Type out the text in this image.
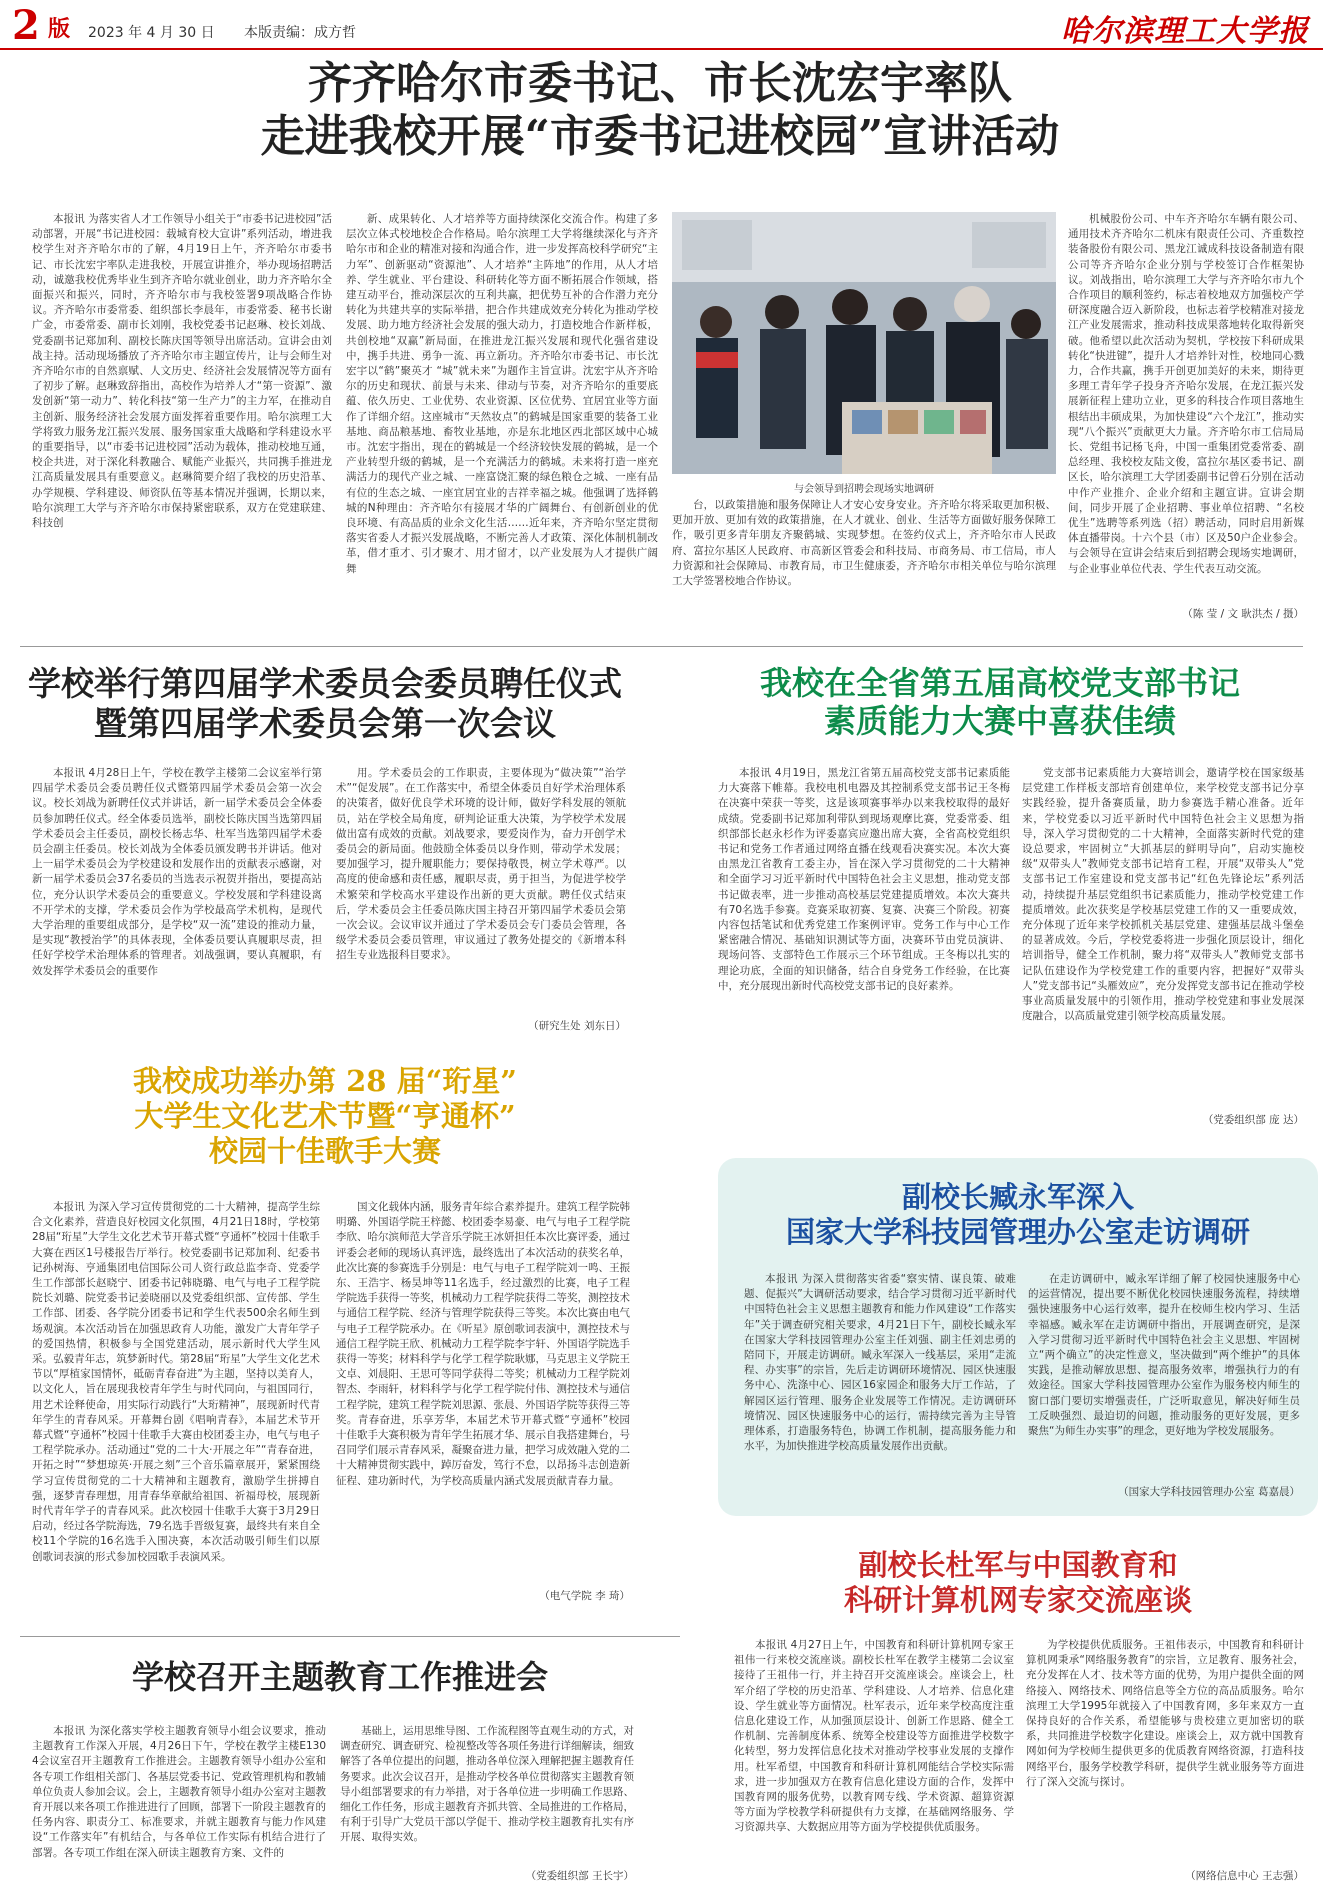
2 版 2023 年 4 月 30 日 本版责编：成方哲	哈尔滨理工大学报
齐齐哈尔市委书记、市长沈宏宇率队
走进我校开展“市委书记进校园”宣讲活动

本报讯 为落实省人才工作领导小组关于“市委书记进校园”活动部署，开展“书记进校园：载城育校大宣讲”系列活动，增进我校学生对齐齐哈尔市的了解，4月19日上午，齐齐哈尔市委书记、市长沈宏宇率队走进我校，开展宣讲推介，举办现场招聘活动，诚邀我校优秀毕业生到齐齐哈尔就业创业，助力齐齐哈尔全面振兴和振兴，同时，齐齐哈尔市与我校签署9项战略合作协议。齐齐哈尔市委常委、组织部长李晨年，市委常委、秘书长谢广金，市委常委、副市长刘刚，我校党委书记赵琳、校长刘战、党委副书记郑加利、副校长陈庆国等领导出席活动。宣讲会由刘战主持。活动现场播放了齐齐哈尔市主题宣传片，让与会师生对齐齐哈尔市的自然禀赋、人文历史、经济社会发展情况等方面有了初步了解。赵琳致辞指出，高校作为培养人才“第一资源”、激发创新“第一动力”、转化科技“第一生产力”的主力军，在推动自主创新、服务经济社会发展方面发挥着重要作用。哈尔滨理工大学将致力服务龙江振兴发展、服务国家重大战略和学科建设水平的重要指导，以“市委书记进校园”活动为载体，推动校地互通，校企共进，对于深化科教融合、赋能产业振兴，共同携手推进龙江高质量发展具有重要意义。赵琳简要介绍了我校的历史沿革、办学规模、学科建设、师资队伍等基本情况并强调，长期以来，哈尔滨理工大学与齐齐哈尔市保持紧密联系，双方在党建联建、科技创

新、成果转化、人才培养等方面持续深化交流合作。构建了多层次立体式校地校企合作格局。哈尔滨理工大学将继续深化与齐齐哈尔市和企业的精准对接和沟通合作，进一步发挥高校科学研究“主力军”、创新驱动“资源池”、人才培养“主阵地”的作用，从人才培养、学生就业、平台建设、科研转化等方面不断拓展合作领域，搭建互动平台，推动深层次的互利共赢，把优势互补的合作潜力充分转化为共建共享的实际举措，把合作共建成效充分转化为推动学校发展、助力地方经济社会发展的强大动力，打造校地合作新样板，共创校地“双赢”新局面，在推进龙江振兴发展和现代化强省建设中，携手共进、勇争一流、再立新功。齐齐哈尔市委书记、市长沈宏宇以“鹤”聚英才 “城”就未来”为题作主旨宣讲。沈宏宇从齐齐哈尔的历史和现状、前景与未来、律动与节奏，对齐齐哈尔的重要底蕴、依久历史、工业优势、农业资源、区位优势、宜居宜业等方面作了详细介绍。这座城市“天然妆点”的鹤城是国家重要的装备工业基地、商品粮基地、畜牧业基地，亦是东北地区西北部区域中心城市。沈宏宇指出，现在的鹤城是一个经济较快发展的鹤城，是一个产业转型升级的鹤城，是一个充满活力的鹤城。未来将打造一座充满活力的现代产业之城、一座富饶汇聚的绿色粮仓之城、一座有品有位的生态之城、一座宜居宜业的吉祥幸福之城。他强调了选择鹤城的N种理由：齐齐哈尔有接展才华的广阔舞台、有创新创业的优良环境、有高品质的业余文化生活……近年来，齐齐哈尔坚定贯彻落实省委人才振兴发展战略，不断完善人才政策、深化体制机制改革，借才重才、引才聚才、用才留才，以产业发展为人才提供广阔舞

与会领导到招聘会现场实地调研

台，以政策措施和服务保障让人才安心安身安业。齐齐哈尔将采取更加积极、更加开放、更加有效的政策措施，在人才就业、创业、生活等方面做好服务保障工作，吸引更多青年朋友齐聚鹤城、实现梦想。在签约仪式上，齐齐哈尔市人民政府、富拉尔基区人民政府、市高新区管委会和科技局、市商务局、市工信局，市人力资源和社会保障局、市教育局，市卫生健康委，齐齐哈尔市相关单位与哈尔滨理工大学签署校地合作协议。

机械股份公司、中车齐齐哈尔车辆有限公司、通用技术齐齐哈尔二机床有限责任公司、齐重数控装备股份有限公司、黑龙江诚成科技设备制造有限公司等齐齐哈尔企业分别与学校签订合作框架协议。刘战指出，哈尔滨理工大学与齐齐哈尔市九个合作项目的顺利签约，标志着校地双方加强校产学研深度融合迈入新阶段，也标志着学校精准对接龙江产业发展需求，推动科技成果落地转化取得新突破。他希望以此次活动为契机，学校按下科研成果转化“快进键”，提升人才培养针对性，校地同心戮力，合作共赢，携手开创更加美好的未来，期待更多理工青年学子投身齐齐哈尔发展，在龙江振兴发展新征程上建功立业，更多的科技合作项目落地生根结出丰硕成果，为加快建设“六个龙江”，推动实现“八个振兴”贡献更大力量。齐齐哈尔市工信局局长、党组书记杨飞舟，中国一重集团党委常委、副总经理、我校校友陆文俊，富拉尔基区委书记、副区长，哈尔滨理工大学团委副书记曾石分别在活动中作产业推介、企业介绍和主题宣讲。宣讲会期间，同步开展了企业招聘、事业单位招聘、“名校优生”选聘等系列选（招）聘活动，同时启用新媒体直播带岗。十六个县（市）区及50户企业参会。与会领导在宣讲会结束后到招聘会现场实地调研，与企业事业单位代表、学生代表互动交流。

（陈 莹 / 文 耿洪杰 / 摄）
学校举行第四届学术委员会委员聘任仪式
暨第四届学术委员会第一次会议

本报讯 4月28日上午，学校在教学主楼第二会议室举行第四届学术委员会委员聘任仪式暨第四届学术委员会第一次会议。校长刘战为新聘任仪式并讲话，新一届学术委员会全体委员参加聘任仪式。经全体委员选举，副校长陈庆国当选第四届学术委员会主任委员，副校长杨志华、杜军当选第四届学术委员会副主任委员。校长刘战为全体委员颁发聘书并讲话。他对上一届学术委员会为学校建设和发展作出的贡献表示感谢，对新一届学术委员会37名委员的当选表示祝贺并指出，要提高站位，充分认识学术委员会的重要意义。学校发展和学科建设离不开学术的支撑，学术委员会作为学校最高学术机构，是现代大学治理的重要组成部分，是学校“双一流”建设的推动力量，是实现“教授治学”的具体表现，全体委员要认真履职尽责，担任好学校学术治理体系的管理者。刘战强调，要认真履职，有效发挥学术委员会的重要作

用。学术委员会的工作职责，主要体现为“做决策”“治学术”“促发展”。在工作落实中，希望全体委员自好学术治理体系的决策者，做好优良学术环境的设计师，做好学科发展的领航员，站在学校全局角度，研判论证重大决策，为学校学术发展做出富有成效的贡献。刘战要求，要爱岗作为，奋力开创学术委员会的新局面。他鼓励全体委员以身作则，带动学术发展；要加强学习，提升履职能力；要保持敬畏，树立学术尊严。以高度的使命感和责任感，履职尽责，勇于担当，为促进学校学术繁荣和学校高水平建设作出新的更大贡献。聘任仪式结束后，学术委员会主任委员陈庆国主持召开第四届学术委员会第一次会议。会议审议并通过了学术委员会专门委员会管理，各级学术委员会委员管理，审议通过了教务处提交的《新增本科招生专业选报科目要求》。

（研究生处 刘东日）
我校在全省第五届高校党支部书记
素质能力大赛中喜获佳绩

本报讯 4月19日，黑龙江省第五届高校党支部书记素质能力大赛落下帷幕。我校电机电器及其控制系党支部书记王冬梅在决赛中荣获一等奖，这是该项赛事举办以来我校取得的最好成绩。党委副书记郑加利带队到现场观摩比赛，党委常委、组织部部长赵永杉作为评委嘉宾应邀出席大赛，全省高校党组织书记和党务工作者通过网络直播在线观看决赛实况。本次大赛由黑龙江省教育工委主办，旨在深入学习贯彻党的二十大精神和全面学习习近平新时代中国特色社会主义思想，推动党支部书记做表率，进一步推动高校基层党建提质增效。本次大赛共有70名选手参赛。竞赛采取初赛、复赛、决赛三个阶段。初赛内容包括笔试和优秀党建工作案例评审。党务工作与中心工作紧密融合情况、基础知识测试等方面，决赛环节由党员演讲、现场问答、支部特色工作展示三个环节组成。王冬梅以扎实的理论功底，全面的知识储备，结合自身党务工作经验，在比赛中，充分展现出新时代高校党支部书记的良好素养。

党支部书记素质能力大赛培训会，邀请学校在国家级基层党建工作样板支部培育创建单位，来学校党支部书记分享实践经验，提升备赛质量，助力参赛选手精心准备。近年来，学校党委以习近平新时代中国特色社会主义思想为指导，深入学习贯彻党的二十大精神，全面落实新时代党的建设总要求，牢固树立“大抓基层的鲜明导向”，启动实施校级“双带头人”教师党支部书记培育工程，开展“双带头人”党支部书记工作室建设和党支部书记“红色先锋论坛”系列活动，持续提升基层党组织书记素质能力，推动学校党建工作提质增效。此次获奖是学校基层党建工作的又一重要成效，充分体现了近年来学校抓机关基层党建、建强基层战斗堡垒的显著成效。今后，学校党委将进一步强化顶层设计，细化培训指导，健全工作机制，聚力将“双带头人”教师党支部书记队伍建设作为学校党建工作的重要内容，把握好“双带头人”党支部书记“头雁效应”，充分发挥党支部书记在推动学校事业高质量发展中的引领作用，推动学校党建和事业发展深度融合，以高质量党建引领学校高质量发展。

（党委组织部 庞 达）
我校成功举办第 28 届“珩星”
大学生文化艺术节暨“亨通杯”
校园十佳歌手大赛

本报讯 为深入学习宣传贯彻党的二十大精神，提高学生综合文化素养，营造良好校园文化氛围，4月21日18时，学校第28届“珩星”大学生文化艺术节开幕式暨“亨通杯”校园十佳歌手大赛在西区1号楼报告厅举行。校党委副书记郑加利、纪委书记孙树海、亨通集团电信国际公司人资行政总监李奇、党委学生工作部部长赵晓宁、团委书记韩晓璐、电气与电子工程学院院长刘璐、院党委书记姜晓丽以及党委组织部、宣传部、学生工作部、团委、各学院分团委书记和学生代表500余名师生到场观演。本次活动旨在加强思政育人功能，激发广大青年学子的爱国热情，积极参与全国党建活动，展示新时代大学生风采。弘毅青年志，筑梦新时代。第28届“珩星”大学生文化艺术节以“厚植家国情怀，砥砺青春奋进”为主题，坚持以美育人，以文化人，旨在展现我校青年学生与时代同向，与祖国同行，用艺术诠释使命，用实际行动践行“大珩精神”，展现新时代青年学生的青春风采。开幕舞台剧《唱响青春》，本届艺术节开幕式暨“亨通杯”校园十佳歌手大赛由校团委主办，电气与电子工程学院承办。活动通过“党的二十大·开展之年”“青春奋进，开拓之时”“梦想琼英·开展之刻”三个音乐篇章展开，紧紧围绕学习宣传贯彻党的二十大精神和主题教育，激励学生拼搏自强，逐梦青春理想，用青春华章献给祖国、祈福母校，展现新时代青年学子的青春风采。此次校园十佳歌手大赛于3月29日启动，经过各学院海选，79名选手晋级复赛，最终共有来自全校11个学院的16名选手入围决赛，本次活动吸引师生们以原创歌词表演的形式参加校园歌手表演风采。

国文化载体内涵，服务青年综合素养提升。建筑工程学院韩明璐、外国语学院王梓懿、校团委李易豪、电气与电子工程学院李欣、哈尔滨师范大学音乐学院王冰妍担任本次比赛评委，通过评委会老师的现场认真评选，最终选出了本次活动的获奖名单，此次比赛的参赛选手分别是：电气与电子工程学院刘一鸣、王振东、王浩宇、杨昊坤等11名选手，经过激烈的比赛，电子工程学院选手获得一等奖，机械动力工程学院获得二等奖，测控技术与通信工程学院、经济与管理学院获得三等奖。本次比赛由电气与电子工程学院承办。在《听星》原创歌词表演中，测控技术与通信工程学院王欣、机械动力工程学院李宇轩、外国语学院选手获得一等奖；材料科学与化学工程学院耿娜，马克思主义学院王文卓、刘晨阳、王思可等同学获得二等奖；机械动力工程学院刘智杰、李雨轩，材料科学与化学工程学院付伟、测控技术与通信工程学院，建筑工程学院刘思源、张晨、外国语学院等获得三等奖。青春奋进，乐享芳华，本届艺术节开幕式暨“亨通杯”校园十佳歌手大赛积极为青年学生拓展才华、展示自我搭建舞台，号召同学们展示青春风采，凝聚奋进力量，把学习成效融入党的二十大精神贯彻实践中，踔厉奋发，笃行不怠，以昂扬斗志创造新征程、建功新时代，为学校高质量内涵式发展贡献青春力量。

（电气学院 李 琦）
副校长臧永军深入
国家大学科技园管理办公室走访调研

本报讯 为深入贯彻落实省委“察实情、谋良策、破难题、促振兴”大调研活动要求，结合学习贯彻习近平新时代中国特色社会主义思想主题教育和能力作风建设“工作落实年”关于调查研究相关要求，4月21日下午，副校长臧永军在国家大学科技园管理办公室主任刘强、副主任刘忠勇的陪同下，开展走访调研。臧永军深入一线基层，采用“走流程、办实事”的宗旨，先后走访调研环境情况、园区快速服务中心、洗涤中心、园区16家园企和服务大厅工作站，了解园区运行管理、服务企业发展等工作情况。走访调研环境情况、园区快速服务中心的运行，需持续完善为主导管理体系，打造服务特色，协调工作机制，提高服务能力和水平，为加快推进学校高质量发展作出贡献。

在走访调研中，臧永军详细了解了校园快速服务中心的运营情况，提出要不断优化校园快速服务流程，持续增强快速服务中心运行效率，提升在校师生校内学习、生活幸福感。臧永军在走访调研中指出，开展调查研究，是深入学习贯彻习近平新时代中国特色社会主义思想、牢固树立“两个确立”的决定性意义，坚决做到“两个维护”的具体实践，是推动解放思想、提高服务效率，增强执行力的有效途径。国家大学科技园管理办公室作为服务校内师生的窗口部门要切实增强责任，广泛听取意见，解决好师生员工反映强烈、最迫切的问题，推动服务的更好发展，更多聚焦“为师生办实事”的理念，更好地为学校发展服务。

（国家大学科技园管理办公室 葛嘉晨）
学校召开主题教育工作推进会

本报讯 为深化落实学校主题教育领导小组会议要求，推动主题教育工作深入开展，4月26日下午，学校在教学主楼E1304会议室召开主题教育工作推进会。主题教育领导小组办公室和各专项工作组相关部门、各基层党委书记、党政管理机构和教辅单位负责人参加会议。会上，主题教育领导小组办公室对主题教育开展以来各项工作推进进行了回顾，部署下一阶段主题教育的任务内容、职责分工、标准要求，并就主题教育与能力作风建设“工作落实年”有机结合，与各单位工作实际有机结合进行了部署。各专项工作组在深入研读主题教育方案、文件的

基础上，运用思维导图、工作流程图等直观生动的方式，对调查研究、调查研究、检视整改等各项任务进行详细解读，细致解答了各单位提出的问题，推动各单位深入理解把握主题教育任务要求。此次会议召开，是推动学校各单位贯彻落实主题教育领导小组部署要求的有力举措，对于各单位进一步明确工作思路、细化工作任务，形成主题教育齐抓共管、全局推进的工作格局，有利于引导广大党员干部以学促干、推动学校主题教育扎实有序开展、取得实效。

（党委组织部 王长宇）
副校长杜军与中国教育和
科研计算机网专家交流座谈

本报讯 4月27日上午，中国教育和科研计算机网专家王祖伟一行来校交流座谈。副校长杜军在教学主楼第二会议室接待了王祖伟一行，并主持召开交流座谈会。座谈会上，杜军介绍了学校的历史沿革、学科建设、人才培养、信息化建设、学生就业等方面情况。杜军表示，近年来学校高度注重信息化建设工作，从加强顶层设计、创新工作思路、健全工作机制、完善制度体系、统筹全校建设等方面推进学校数字化转型，努力发挥信息化技术对推动学校事业发展的支撑作用。杜军希望，中国教育和科研计算机网能结合学校实际需求，进一步加强双方在教育信息化建设方面的合作，发挥中国教育网的服务优势，以教育网专线、学术资源、超算资源等方面为学校教学科研提供有力支撑，在基础网络服务、学习资源共享、大数据应用等方面为学校提供优质服务。

为学校提供优质服务。王祖伟表示，中国教育和科研计算机网秉承“网络服务教育”的宗旨，立足教育、服务社会，充分发挥在人才、技术等方面的优势，为用户提供全面的网络接入、网络技术、网络信息等全方位的高品质服务。哈尔滨理工大学1995年就接入了中国教育网，多年来双方一直保持良好的合作关系，希望能够与贵校建立更加密切的联系，共同推进学校数字化建设。座谈会上，双方就中国教育网如何为学校师生提供更多的优质教育网络资源，打造科技网络平台，服务学校教学科研，提供学生就业服务等方面进行了深入交流与探讨。

（网络信息中心 王志强）
